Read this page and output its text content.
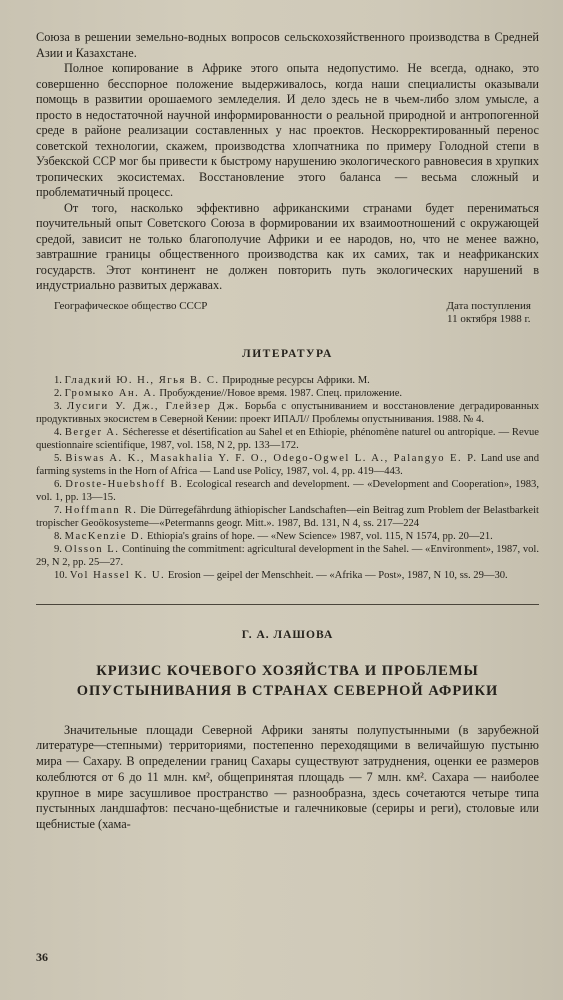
Союза в решении земельно-водных вопросов сельскохозяйственного производства в Средней Азии и Казахстане.

Полное копирование в Африке этого опыта недопустимо. Не всегда, однако, это совершенно бесспорное положение выдерживалось, когда наши специалисты оказывали помощь в развитии орошаемого земледелия. И дело здесь не в чьем-либо злом умысле, а просто в недостаточной научной информированности о реальной природной и антропогенной среде в районе реализации составленных у нас проектов. Нескорректированный перенос советской технологии, скажем, производства хлопчатника по примеру Голодной степи в Узбекской ССР мог бы привести к быстрому нарушению экологического равновесия в хрупких тропических экосистемах. Восстановление этого баланса — весьма сложный и проблематичный процесс.

От того, насколько эффективно африканскими странами будет перениматься поучительный опыт Советского Союза в формировании их взаимоотношений с окружающей средой, зависит не только благополучие Африки и ее народов, но, что не менее важно, завтрашние границы общественного производства как их самих, так и неафриканских государств. Этот континент не должен повторить путь экологических нарушений в индустриально развитых державах.

Географическое общество СССР	Дата поступления
11 октября 1988 г.
ЛИТЕРАТУРА
1. Гладкий Ю. Н., Ягья В. С. Природные ресурсы Африки. М.
2. Громыко Ан. А. Пробуждение//Новое время. 1987. Спец. приложение.
3. Лусиги У. Дж., Глейзер Дж. Борьба с опустыниванием и восстановление деградированных продуктивных экосистем в Северной Кении: проект ИПАЛ// Проблемы опустынивания. 1988. № 4.
4. Berger A. Sécheresse et désertification au Sahel et en Ethiopie, phénomène naturel ou antropique. — Revue questionnaire scientifique, 1987, vol. 158, N 2, pp. 133—172.
5. Biswas A. K., Masakhalia Y. F. O., Odego-Ogwel L. A., Palangyo E. P. Land use and farming systems in the Horn of Africa — Land use Policy, 1987, vol. 4, pp. 419—443.
6. Droste-Huebshoff B. Ecological research and development. — «Development and Cooperation», 1983, vol. 1, pp. 13—15.
7. Hoffmann R. Die Dürregefährdung äthiopischer Landschaften—ein Beitrag zum Problem der Belastbarkeit tropischer Geoökosysteme—«Petermanns geogr. Mitt.». 1987, Bd. 131, N 4, ss. 217—224
8. MacKenzie D. Ethiopia's grains of hope. — «New Science» 1987, vol. 115, N 1574, pp. 20—21.
9. Olsson L. Continuing the commitment: agricultural development in the Sahel. — «Environment», 1987, vol. 29, N 2, pp. 25—27.
10. Vol Hassel K. U. Erosion — geipel der Menschheit. — «Afrika — Post», 1987, N 10, ss. 29—30.
Г. А. ЛАШОВА
КРИЗИС КОЧЕВОГО ХОЗЯЙСТВА И ПРОБЛЕМЫ
ОПУСТЫНИВАНИЯ В СТРАНАХ СЕВЕРНОЙ АФРИКИ

Значительные площади Северной Африки заняты полупустынными (в зарубежной литературе—степными) территориями, постепенно переходящими в величайшую пустыню мира — Сахару. В определении границ Сахары существуют затруднения, оценки ее размеров колеблются от 6 до 11 млн. км², общепринятая площадь — 7 млн. км². Сахара — наиболее крупное в мире засушливое пространство — разнообразна, здесь сочетаются четыре типа пустынных ландшафтов: песчано-щебнистые и галечниковые (сериры и реги), столовые или щебнистые (хама-

36
